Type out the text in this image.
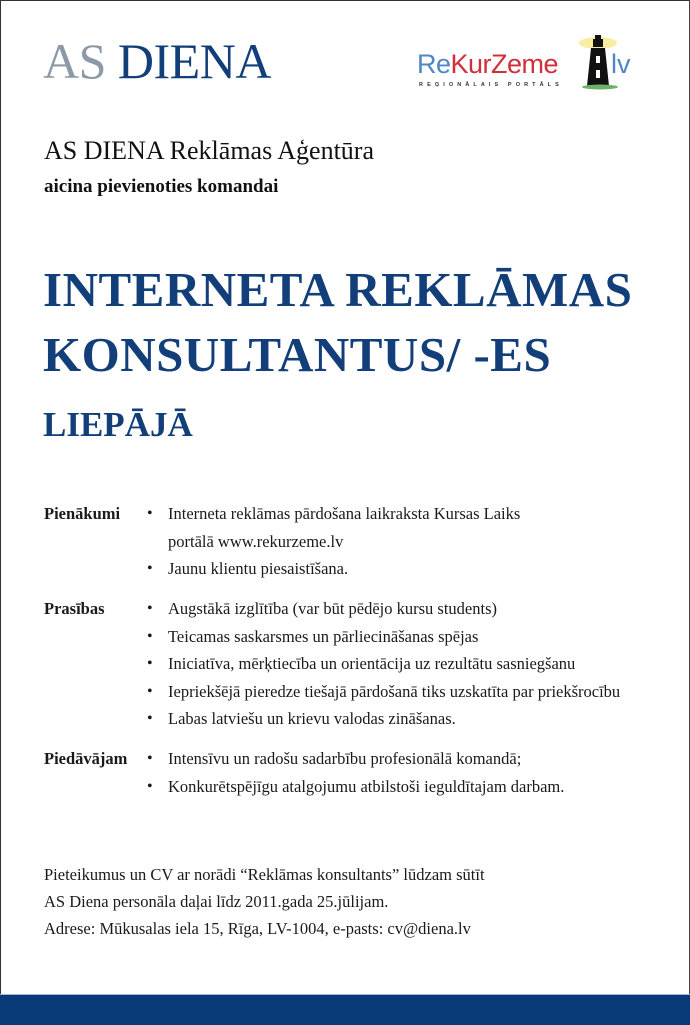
AS DIENA	ReKurZeme lv
REĢIONĀLAIS PORTĀLS
AS DIENA Reklāmas Aģentūra
aicina pievienoties komandai
INTERNETA REKLĀMAS
KONSULTANTUS/ -ES
LIEPĀJĀ
Pienākumi	• Interneta reklāmas pārdošana laikraksta Kursas Laiks portālā www.rekurzeme.lv
• Jaunu klientu piesaistīšana.
Prasības	• Augstākā izglītība (var būt pēdējo kursu students)
• Teicamas saskarsmes un pārliecināšanas spējas
• Iniciatīva, mērķtiecība un orientācija uz rezultātu sasniegšanu
• Iepriekšējā pieredze tiešajā pārdošanā tiks uzskatīta par priekšrocību
• Labas latviešu un krievu valodas zināšanas.
Piedāvājam • Intensīvu un radošu sadarbību profesionālā komandā;
• Konkurētspējīgu atalgojumu atbilstoši ieguldītajam darbam.
Pieteikumus un CV ar norādi “Reklāmas konsultants” lūdzam sūtīt
AS Diena personāla daļai līdz 2011.gada 25.jūlijam.
Adrese: Mūkusalas iela 15, Rīga, LV-1004, e-pasts: cv@diena.lv
